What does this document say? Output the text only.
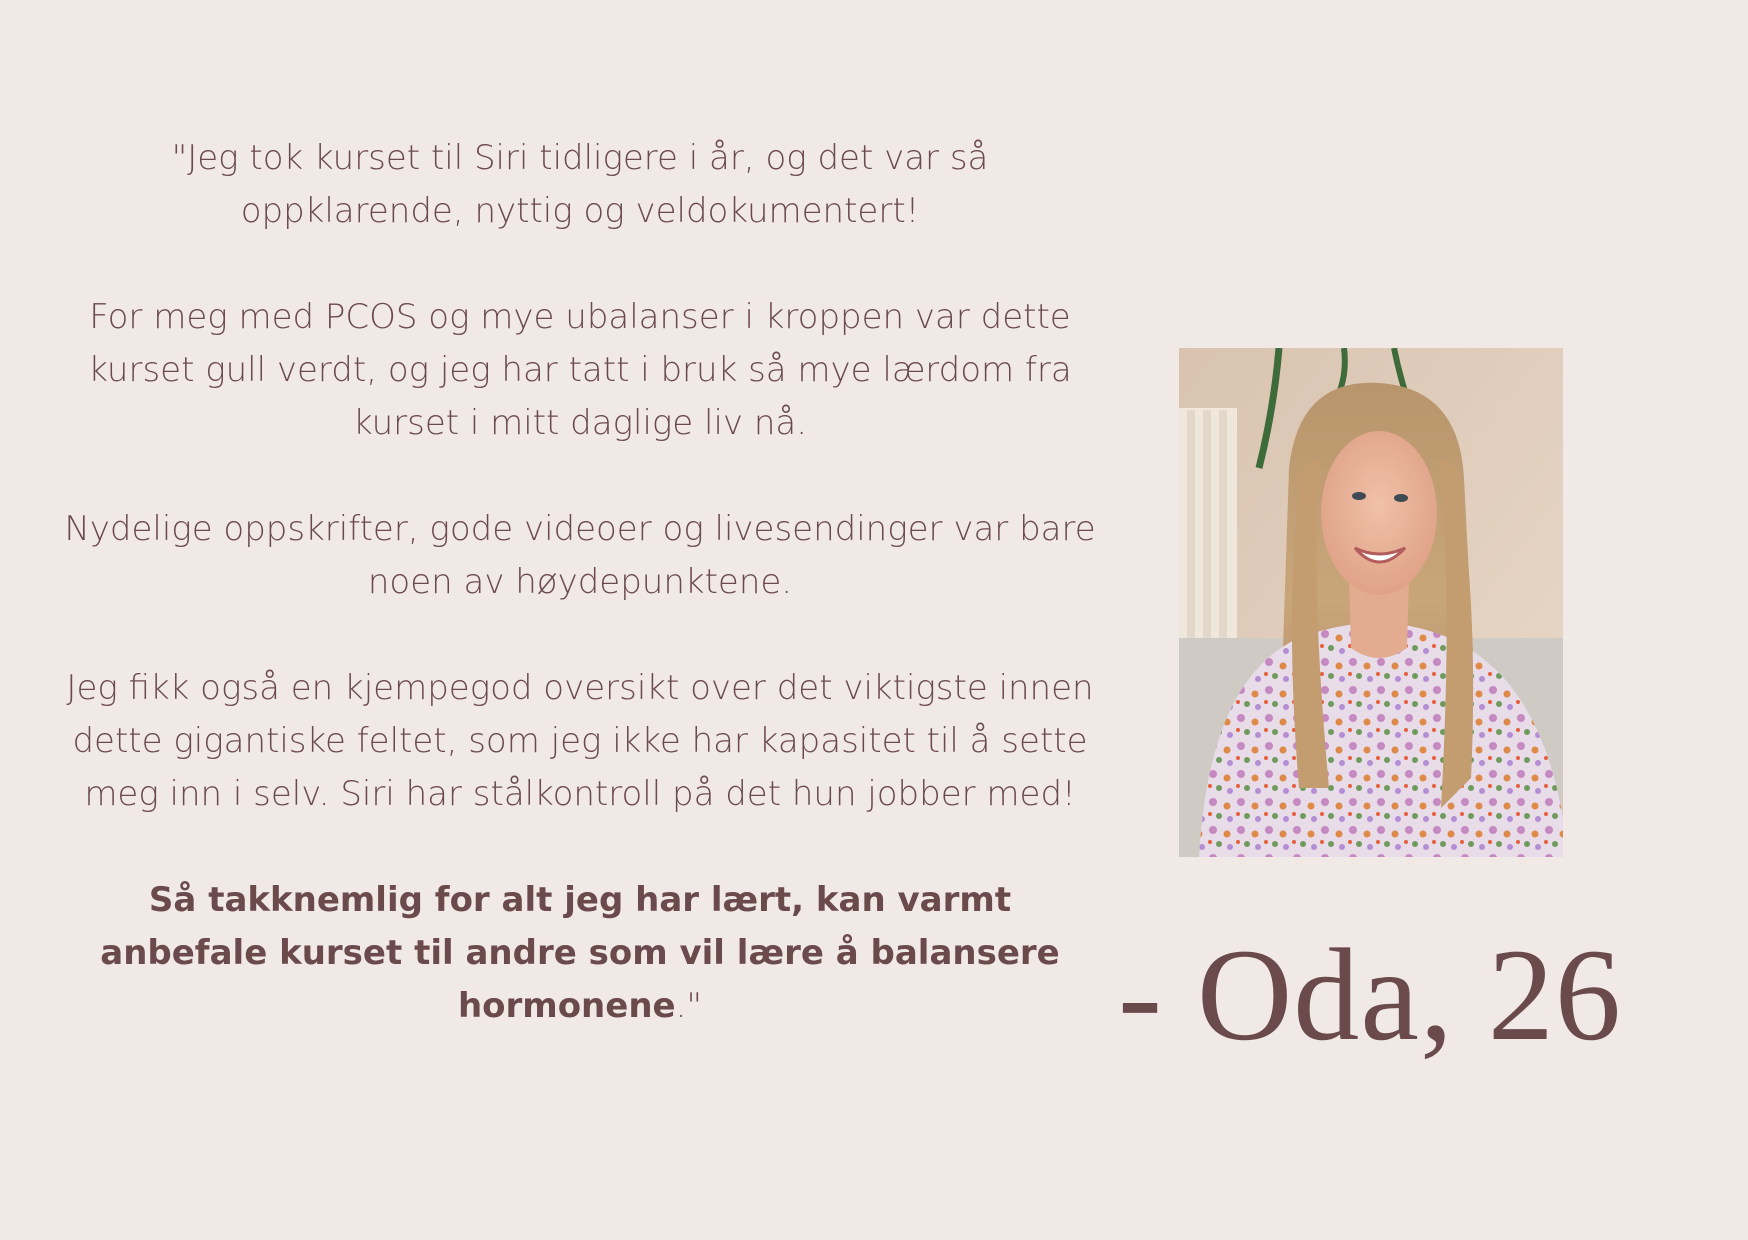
"Jeg tok kurset til Siri tidligere i år, og det var så oppklarende, nyttig og veldokumentert!

For meg med PCOS og mye ubalanser i kroppen var dette kurset gull verdt, og jeg har tatt i bruk så mye lærdom fra kurset i mitt daglige liv nå.

Nydelige oppskrifter, gode videoer og livesendinger var bare noen av høydepunktene.

Jeg fikk også en kjempegod oversikt over det viktigste innen dette gigantiske feltet, som jeg ikke har kapasitet til å sette meg inn i selv. Siri har stålkontroll på det hun jobber med!

Så takknemlig for alt jeg har lært, kan varmt anbefale kurset til andre som vil lære å balansere hormonene."	- Oda, 26
